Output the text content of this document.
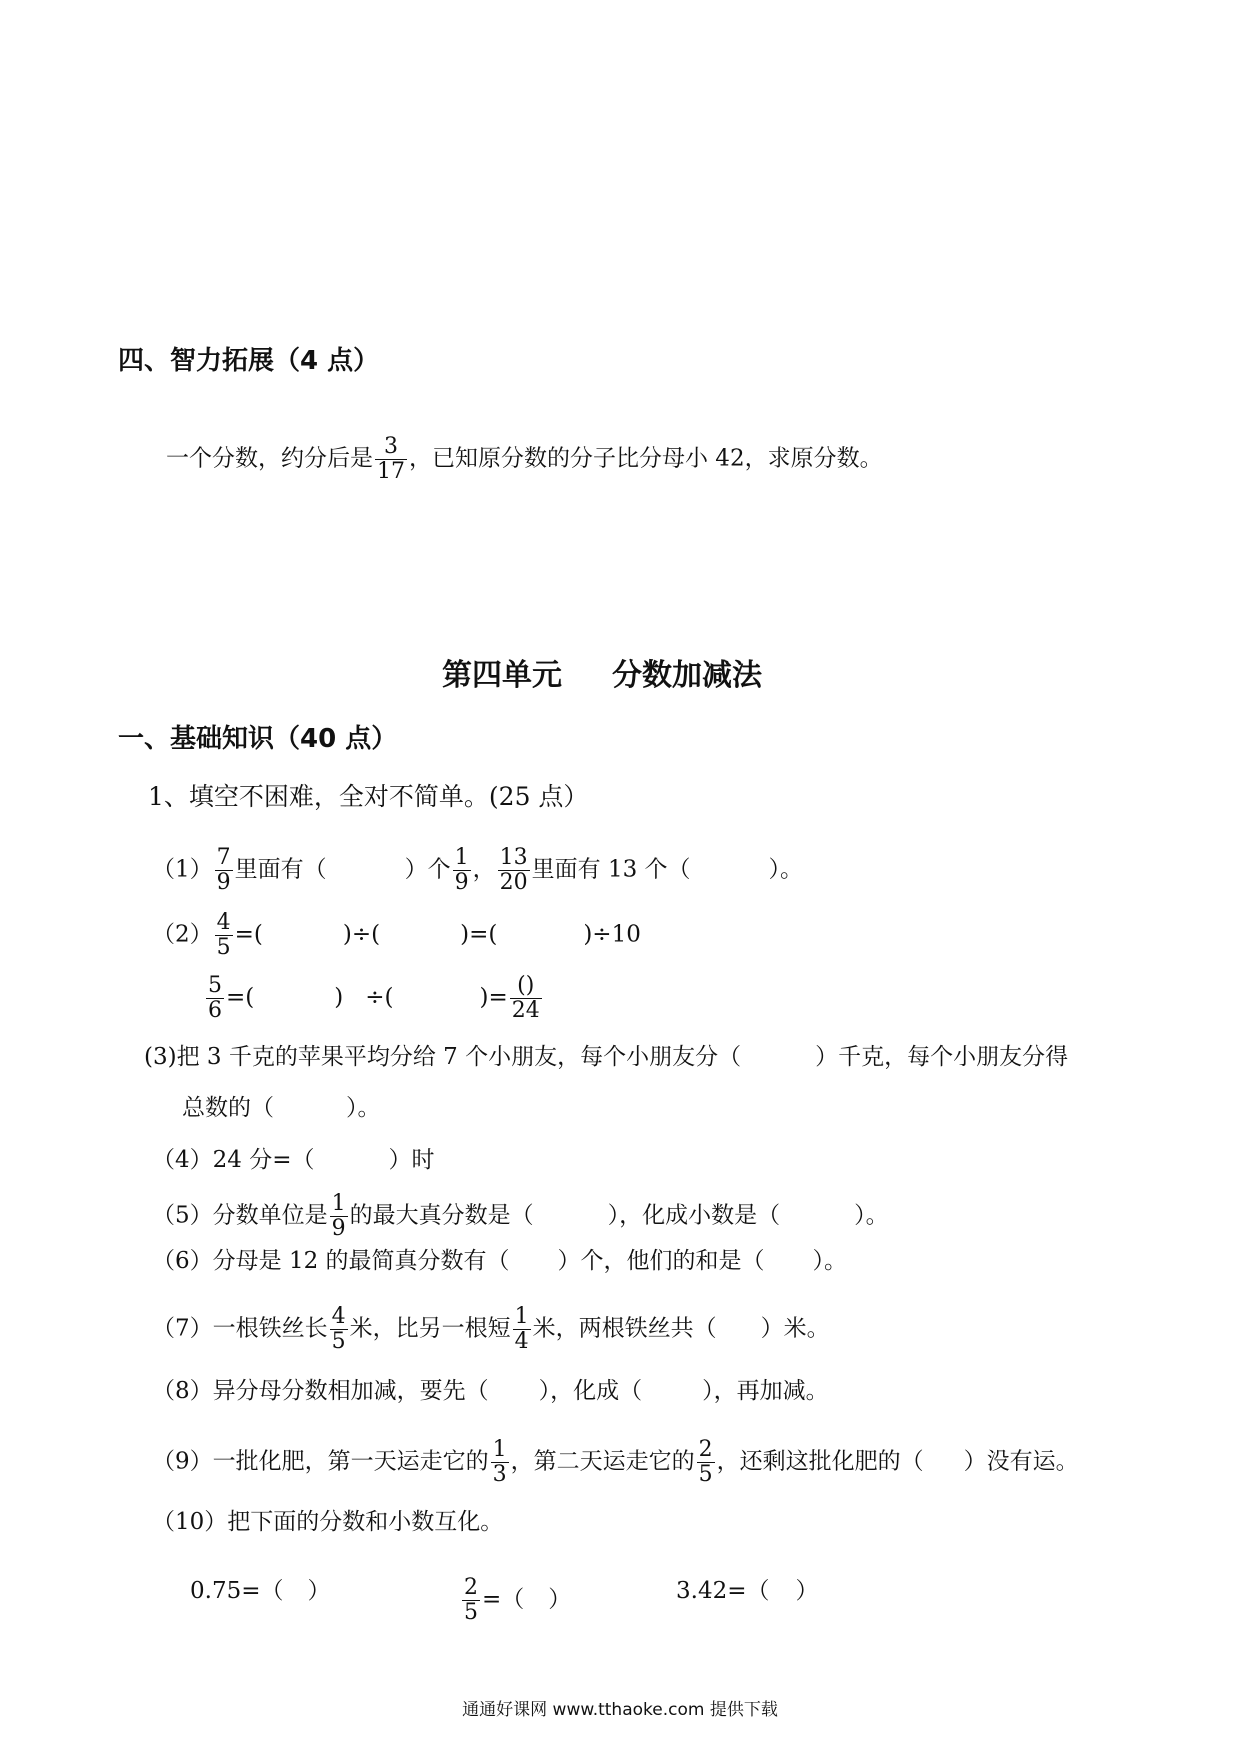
四、智力拓展（4 点）
一个分数，约分后是 $\frac{3}{17}$ ，已知原分数的分子比分母小 42，求原分数。
第四单元 分数加减法
一、基础知识（40 点）
1、填空不困难，全对不简单。(25 点）
$(1) \frac{7}{9}$ 里面有（	）个 $\frac{1}{9}$ ， $\frac{13}{20}$ 里面有 13 个（	）。
$(2) \frac{4}{5}$ =(	)÷(	)=(	)÷10
$\frac{5}{6}$ =(	) ÷(	)= $\frac{()}{24}$
(3)把 3 千克的苹果平均分给 7 个小朋友，每个小朋友分（	）千克，每个小朋友分得
总数的（	）。
（4）24 分=（	）时
（5）分数单位是 $\frac{1}{9}$ 的最大真分数是（	），化成小数是（	）。
（6）分母是 12 的最简真分数有（ ）个，他们的和是（ ）。
（7）一根铁丝长 $\frac{4}{5}$ 米，比另一根短 $\frac{1}{4}$ 米，两根铁丝共（ ）米。
（8）异分母分数相加减，要先（ ），化成（	），再加减。
（9）一批化肥，第一天运走它的 $\frac{1}{3}$ ，第二天运走它的 $\frac{2}{5}$ ，还剩这批化肥的（ ）没有运。
（10）把下面的分数和小数互化。
0.75=（ ）	$\frac{2}{5}$ =（ ）	3.42=（ ）
通通好课网 www.tthaoke.com 提供下载
